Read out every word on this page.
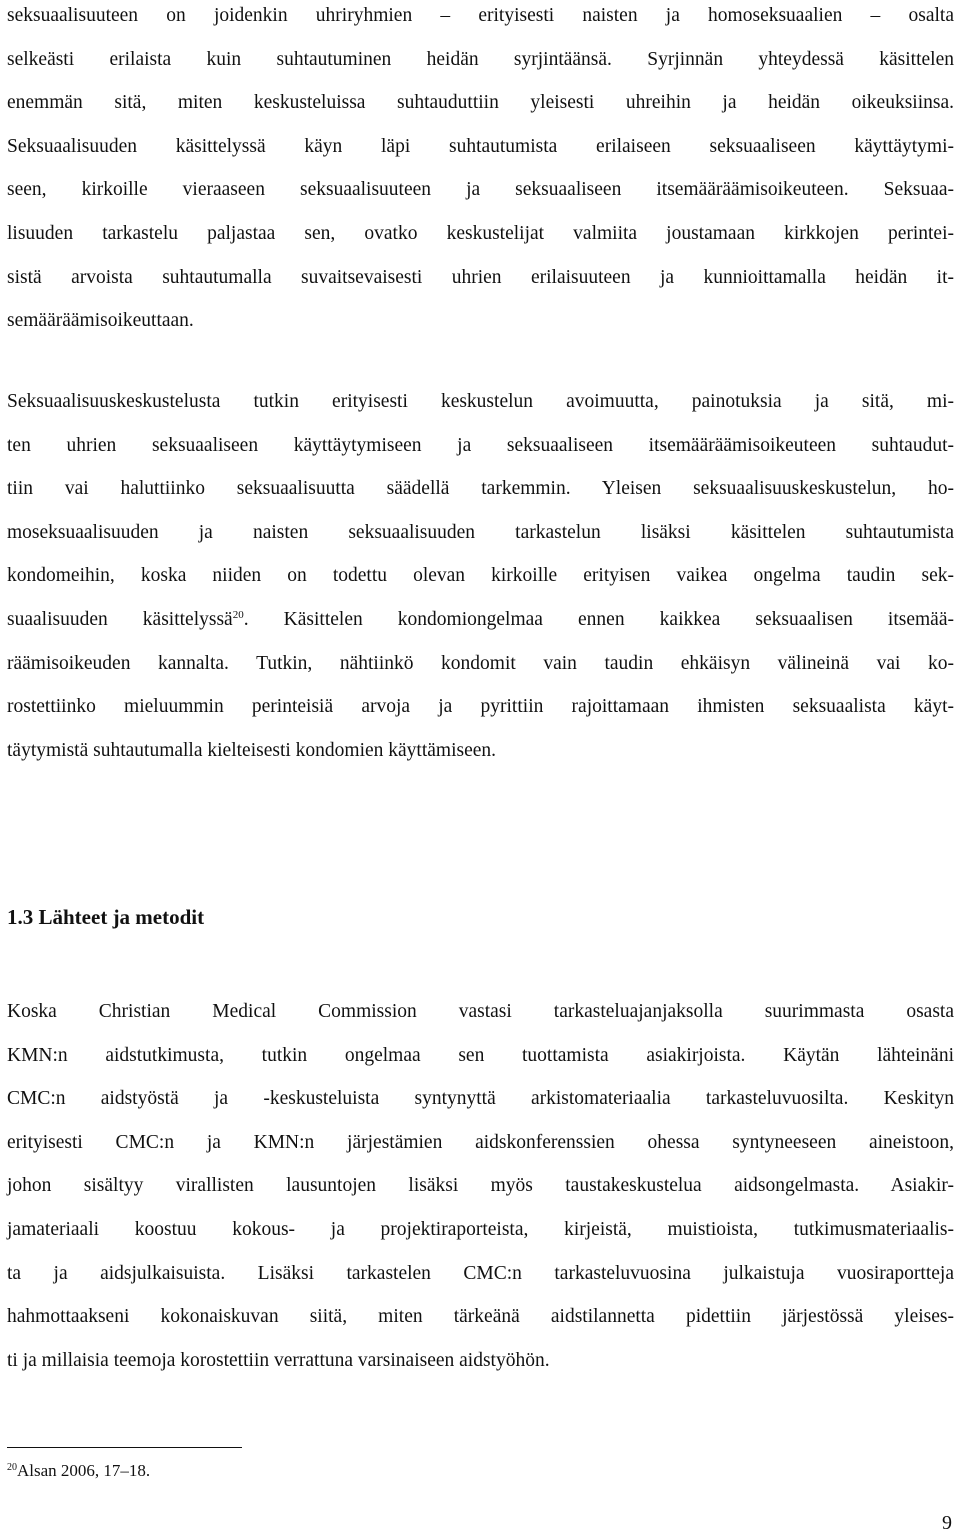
seksuaalisuuteen on joidenkin uhriryhmien – erityisesti naisten ja homoseksuaalien – osalta
selkeästi erilaista kuin suhtautuminen heidän syrjintäänsä. Syrjinnän yhteydessä käsittelen
enemmän sitä, miten keskusteluissa suhtauduttiin yleisesti uhreihin ja heidän oikeuksiinsa.
Seksuaalisuuden käsittelyssä käyn läpi suhtautumista erilaiseen seksuaaliseen käyttäytymi-
seen, kirkoille vieraaseen seksuaalisuuteen ja seksuaaliseen itsemääräämisoikeuteen. Seksuaa-
lisuuden tarkastelu paljastaa sen, ovatko keskustelijat valmiita joustamaan kirkkojen perintei-
sistä arvoista suhtautumalla suvaitsevaisesti uhrien erilaisuuteen ja kunnioittamalla heidän it-
semääräämisoikeuttaan.

Seksuaalisuuskeskustelusta tutkin erityisesti keskustelun avoimuutta, painotuksia ja sitä, mi-
ten uhrien seksuaaliseen käyttäytymiseen ja seksuaaliseen itsemääräämisoikeuteen suhtaudut-
tiin vai haluttiinko seksuaalisuutta säädellä tarkemmin. Yleisen seksuaalisuuskeskustelun, ho-
moseksuaalisuuden ja naisten seksuaalisuuden tarkastelun lisäksi käsittelen suhtautumista
kondomeihin, koska niiden on todettu olevan kirkoille erityisen vaikea ongelma taudin sek-
suaalisuuden käsittelyssä$^{20}$. Käsittelen kondomiongelmaa ennen kaikkea seksuaalisen itsemää-
räämisoikeuden kannalta. Tutkin, nähtiinkö kondomit vain taudin ehkäisyn välineinä vai ko-
rostettiinko mieluummin perinteisiä arvoja ja pyrittiin rajoittamaan ihmisten seksuaalista käyt-
täytymistä suhtautumalla kielteisesti kondomien käyttämiseen.

1.3 Lähteet ja metodit

Koska Christian Medical Commission vastasi tarkasteluajanjaksolla suurimmasta osasta
KMN:n aidstutkimusta, tutkin ongelmaa sen tuottamista asiakirjoista. Käytän lähteinäni
CMC:n aidstyöstä ja -keskusteluista syntynyttä arkistomateriaalia tarkasteluvuosilta. Keskityn
erityisesti CMC:n ja KMN:n järjestämien aidskonferenssien ohessa syntyneeseen aineistoon,
johon sisältyy virallisten lausuntojen lisäksi myös taustakeskustelua aidsongelmasta. Asiakir-
jamateriaali koostuu kokous- ja projektiraporteista, kirjeistä, muistioista, tutkimusmateriaalis-
ta ja aidsjulkaisuista. Lisäksi tarkastelen CMC:n tarkasteluvuosina julkaistuja vuosiraportteja
hahmottaakseni kokonaiskuvan siitä, miten tärkeänä aidstilannetta pidettiin järjestössä yleises-
ti ja millaisia teemoja korostettiin verrattuna varsinaiseen aidstyöhön.

$^{20}$Alsan 2006, 17–18.
9
